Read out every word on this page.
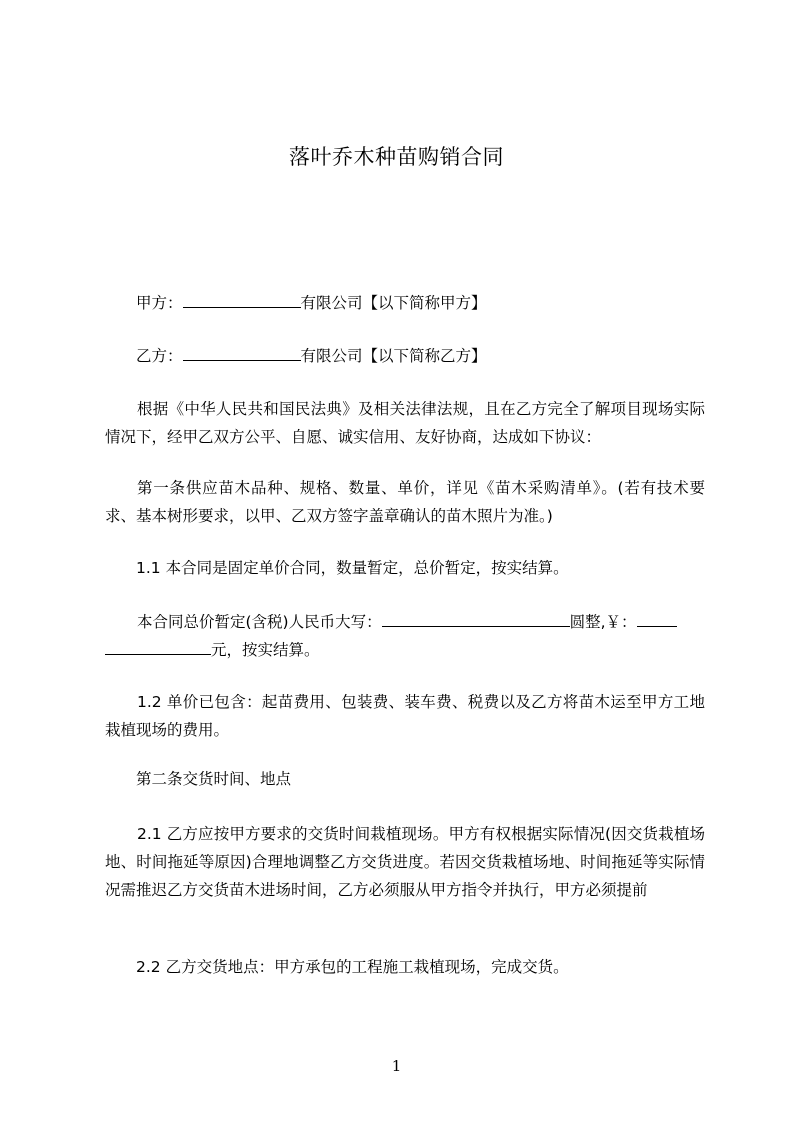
落叶乔木种苗购销合同
甲方：	有限公司【以下简称甲方】
乙方：	有限公司【以下简称乙方】
根据《中华人民共和国民法典》及相关法律法规，且在乙方完全了解项目现场实际情况下，经甲乙双方公平、自愿、诚实信用、友好协商，达成如下协议：
第一条供应苗木品种、规格、数量、单价，详见《苗木采购清单》。(若有技术要求、基本树形要求，以甲、乙双方签字盖章确认的苗木照片为准。)
1.1 本合同是固定单价合同，数量暂定，总价暂定，按实结算。
本合同总价暂定(含税)人民币大写：	圆整,￥：
元，按实结算。
1.2 单价已包含：起苗费用、包装费、装车费、税费以及乙方将苗木运至甲方工地栽植现场的费用。
第二条交货时间、地点
2.1 乙方应按甲方要求的交货时间栽植现场。甲方有权根据实际情况(因交货栽植场地、时间拖延等原因)合理地调整乙方交货进度。若因交货栽植场地、时间拖延等实际情况需推迟乙方交货苗木进场时间，乙方必须服从甲方指令并执行，甲方必须提前
2.2 乙方交货地点：甲方承包的工程施工栽植现场，完成交货。
1
